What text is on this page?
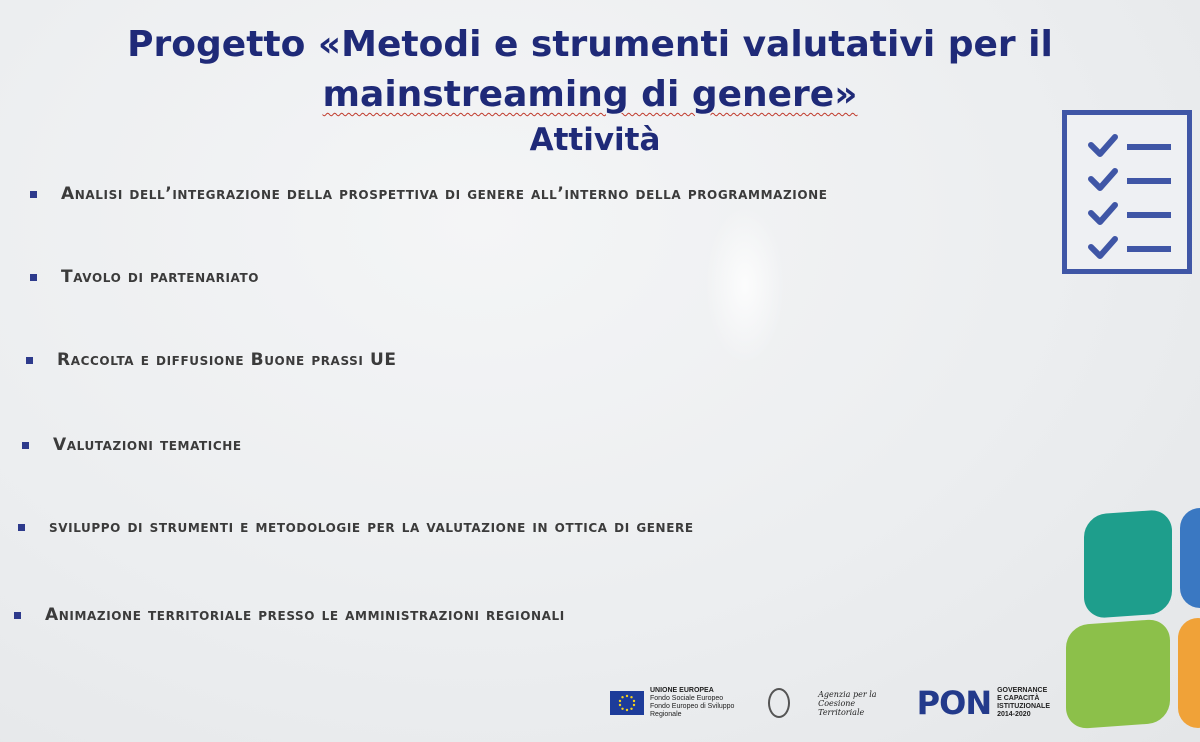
Progetto «Metodi e strumenti valutativi per il
mainstreaming di genere»
Attività
Analisi dell’integrazione della prospettiva di genere all’interno della programmazione
Tavolo di partenariato
Raccolta e diffusione Buone prassi UE
Valutazioni tematiche
sviluppo di strumenti e metodologie per la valutazione in ottica di genere
Animazione territoriale presso le amministrazioni regionali
UNIONE EUROPEA
Fondo Sociale Europeo
Fondo Europeo di Sviluppo Regionale
Agenzia per la
Coesione Territoriale	PON GOVERNANCE
E CAPACITÀ
ISTITUZIONALE
2014-2020
